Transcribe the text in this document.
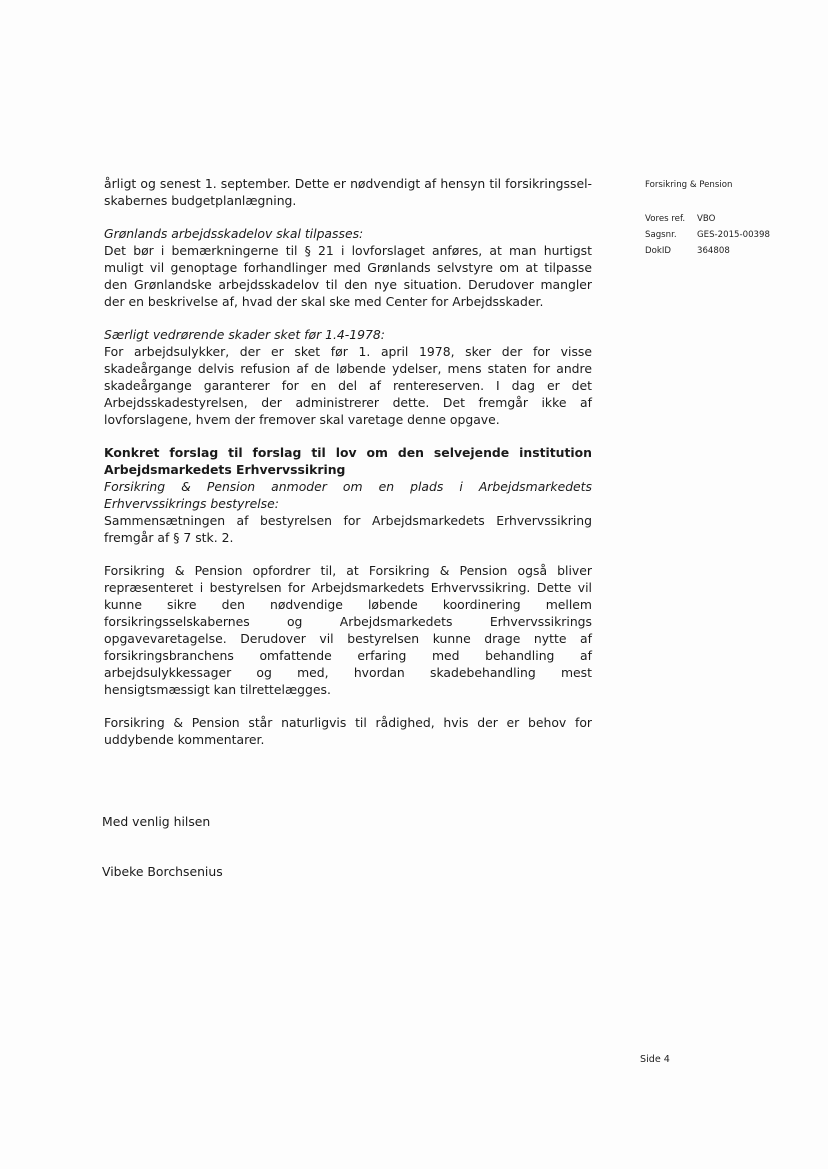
årligt og senest 1. september. Dette er nødvendigt af hensyn til forsikringssel-skabernes budgetplanlægning.

Grønlands arbejdsskadelov skal tilpasses:

Det bør i bemærkningerne til § 21 i lovforslaget anføres, at man hurtigst muligt vil genoptage forhandlinger med Grønlands selvstyre om at tilpasse den Grønlandske arbejdsskadelov til den nye situation. Derudover mangler der en beskrivelse af, hvad der skal ske med Center for Arbejdsskader.

Særligt vedrørende skader sket før 1.4-1978:

For arbejdsulykker, der er sket før 1. april 1978, sker der for visse skadeårgange delvis refusion af de løbende ydelser, mens staten for andre skadeårgange garanterer for en del af rentereserven. I dag er det Arbejdsskadestyrelsen, der administrerer dette. Det fremgår ikke af lovforslagene, hvem der fremover skal varetage denne opgave.

Konkret forslag til forslag til lov om den selvejende institution Arbejdsmarkedets Erhvervssikring

Forsikring & Pension anmoder om en plads i Arbejdsmarkedets Erhvervssikrings bestyrelse:

Sammensætningen af bestyrelsen for Arbejdsmarkedets Erhvervssikring fremgår af § 7 stk. 2.

Forsikring & Pension opfordrer til, at Forsikring & Pension også bliver repræsenteret i bestyrelsen for Arbejdsmarkedets Erhvervssikring. Dette vil kunne sikre den nødvendige løbende koordinering mellem forsikringsselskabernes og Arbejdsmarkedets Erhvervssikrings opgavevaretagelse. Derudover vil bestyrelsen kunne drage nytte af forsikringsbranchens omfattende erfaring med behandling af arbejdsulykkessager og med, hvordan skadebehandling mest hensigtsmæssigt kan tilrettelægges.

Forsikring & Pension står naturligvis til rådighed, hvis der er behov for uddybende kommentarer.

Med venlig hilsen
Vibeke Borchsenius
Forsikring & Pension
Vores ref.	VBO
Sagsnr.	GES-2015-00398
DokID	364808
Side 4
